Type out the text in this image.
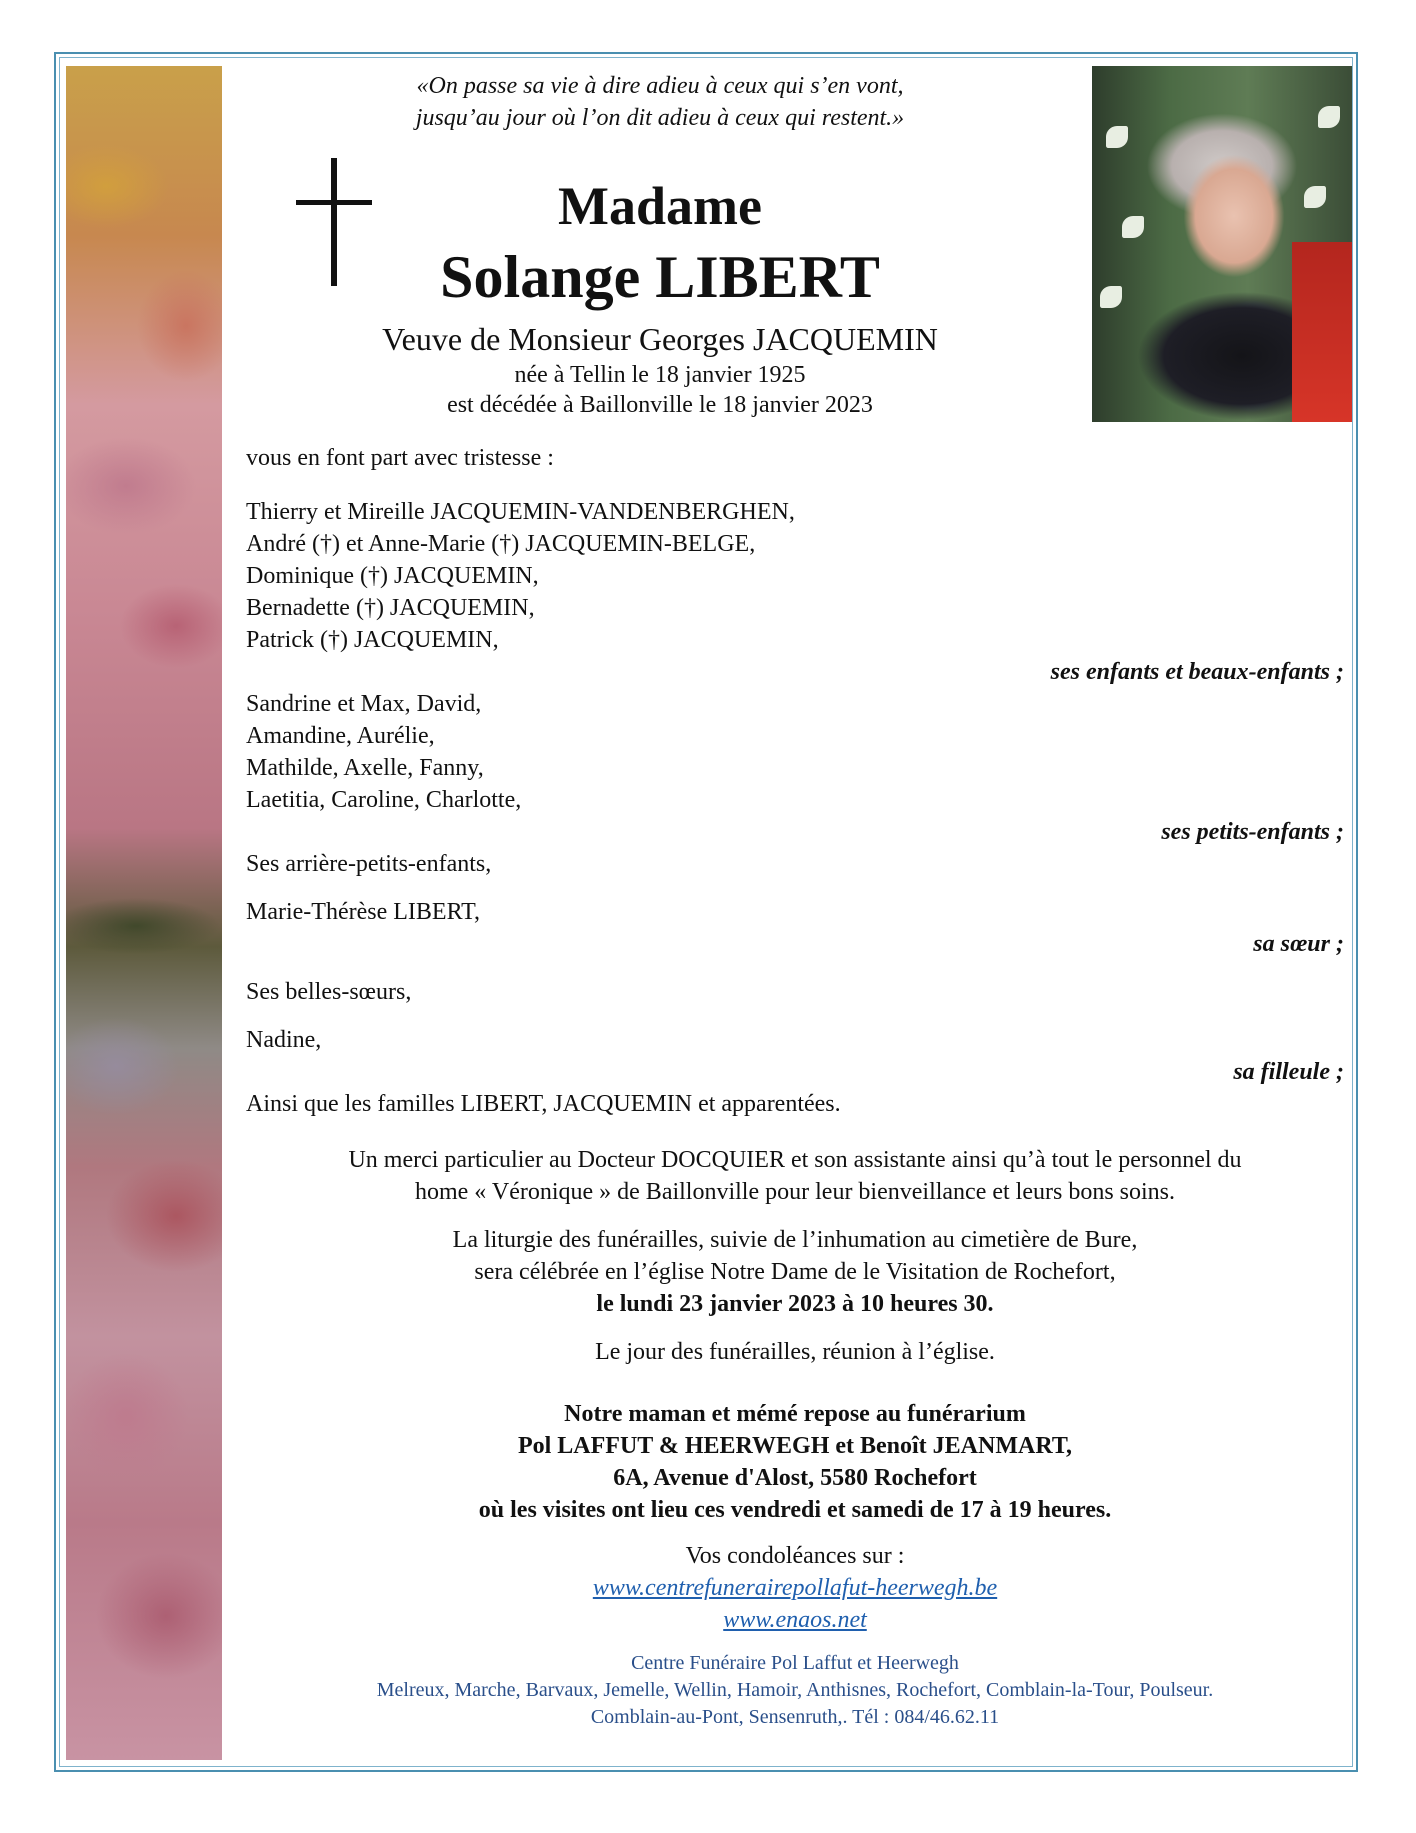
«On passe sa vie à dire adieu à ceux qui s’en vont,
jusqu’au jour où l’on dit adieu à ceux qui restent.»
Madame
Solange LIBERT
Veuve de Monsieur Georges JACQUEMIN
née à Tellin le 18 janvier 1925
est décédée à Baillonville le 18 janvier 2023
vous en font part avec tristesse :
Thierry et Mireille JACQUEMIN-VANDENBERGHEN,
André (†) et Anne-Marie (†) JACQUEMIN-BELGE,
Dominique (†) JACQUEMIN,
Bernadette (†) JACQUEMIN,
Patrick (†) JACQUEMIN,
ses enfants et beaux-enfants ;
Sandrine et Max, David,
Amandine, Aurélie,
Mathilde, Axelle, Fanny,
Laetitia, Caroline, Charlotte,
ses petits-enfants ;
Ses arrière-petits-enfants,
Marie-Thérèse LIBERT,
sa sœur ;
Ses belles-sœurs,
Nadine,
sa filleule ;
Ainsi que les familles LIBERT, JACQUEMIN et apparentées.
Un merci particulier au Docteur DOCQUIER et son assistante ainsi qu’à tout le personnel du
home « Véronique » de Baillonville pour leur bienveillance et leurs bons soins.
La liturgie des funérailles, suivie de l’inhumation au cimetière de Bure,
sera célébrée en l’église Notre Dame de le Visitation de Rochefort,
le lundi 23 janvier 2023 à 10 heures 30.
Le jour des funérailles, réunion à l’église.
Notre maman et mémé repose au funérarium
Pol LAFFUT & HEERWEGH et Benoît JEANMART,
6A, Avenue d'Alost, 5580 Rochefort
où les visites ont lieu ces vendredi et samedi de 17 à 19 heures.
Vos condoléances sur :
www.centrefunerairepollafut-heerwegh.be
www.enaos.net
Centre Funéraire Pol Laffut et Heerwegh
Melreux, Marche, Barvaux, Jemelle, Wellin, Hamoir, Anthisnes, Rochefort, Comblain-la-Tour, Poulseur.
Comblain-au-Pont, Sensenruth,. Tél : 084/46.62.11
